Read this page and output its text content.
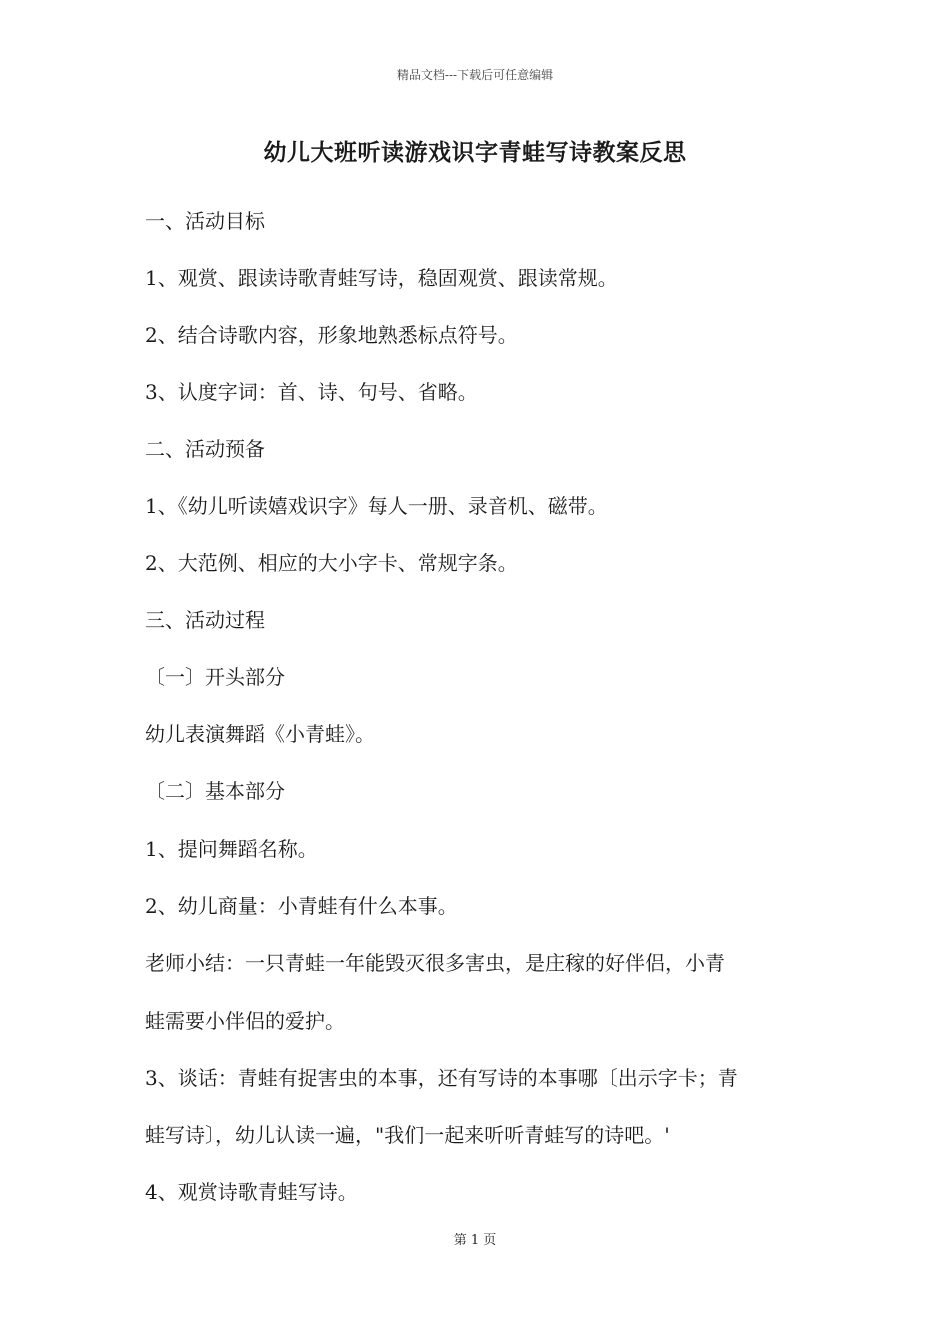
精品文档---下载后可任意编辑
幼儿大班听读游戏识字青蛙写诗教案反思
一、活动目标
1、观赏、跟读诗歌青蛙写诗，稳固观赏、跟读常规。
2、结合诗歌内容，形象地熟悉标点符号。
3、认度字词：首、诗、句号、省略。
二、活动预备
1、《幼儿听读嬉戏识字》每人一册、录音机、磁带。
2、大范例、相应的大小字卡、常规字条。
三、活动过程
〔一〕开头部分
幼儿表演舞蹈《小青蛙》。
〔二〕基本部分
1、提问舞蹈名称。
2、幼儿商量：小青蛙有什么本事。
老师小结：一只青蛙一年能毁灭很多害虫，是庄稼的好伴侣，小青
蛙需要小伴侣的爱护。
3、谈话：青蛙有捉害虫的本事，还有写诗的本事哪〔出示字卡；青
蛙写诗〕，幼儿认读一遍，"我们一起来听听青蛙写的诗吧。'
4、观赏诗歌青蛙写诗。
第 1 页
